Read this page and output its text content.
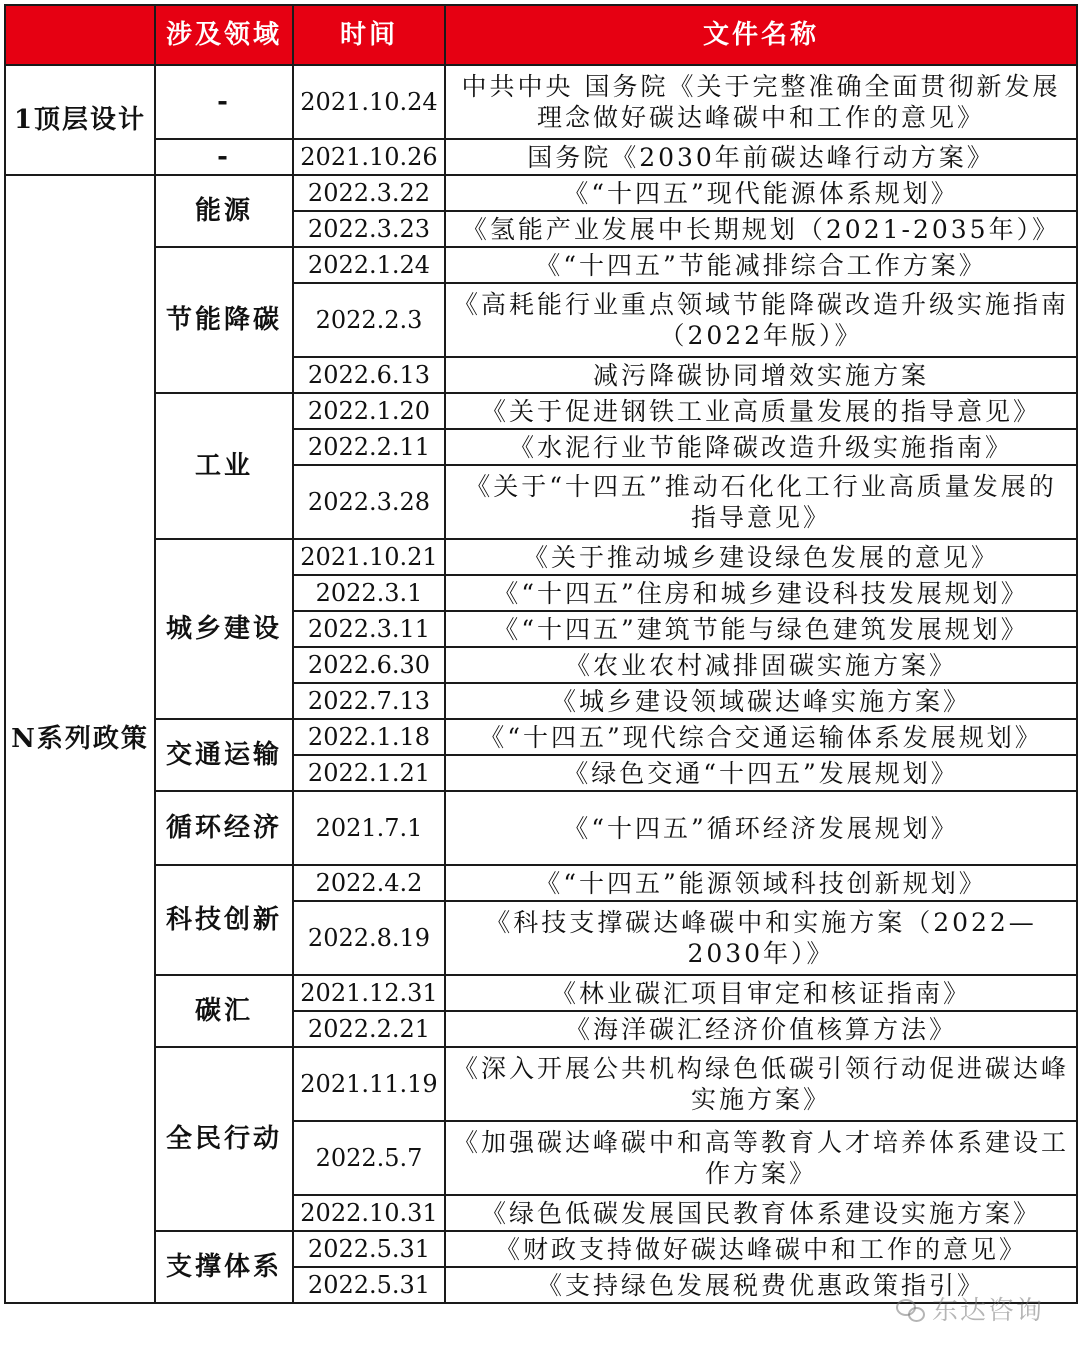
	涉及领域	时间	文件名称
1顶层设计	-	2021.10.24	中共中央 国务院《关于完整准确全面贯彻新发展理念做好碳达峰碳中和工作的意见》
	-	2021.10.26	国务院《2030年前碳达峰行动方案》
N系列政策	能源	2022.3.22	《“十四五”现代能源体系规划》
		2022.3.23	《氢能产业发展中长期规划（2021-2035年）》
	节能降碳	2022.1.24	《“十四五”节能减排综合工作方案》
		2022.2.3	《高耗能行业重点领域节能降碳改造升级实施指南（2022年版）》
		2022.6.13	减污降碳协同增效实施方案
	工业	2022.1.20	《关于促进钢铁工业高质量发展的指导意见》
		2022.2.11	《水泥行业节能降碳改造升级实施指南》
		2022.3.28	《关于“十四五”推动石化化工行业高质量发展的指导意见》
	城乡建设	2021.10.21	《关于推动城乡建设绿色发展的意见》
		2022.3.1	《“十四五”住房和城乡建设科技发展规划》
		2022.3.11	《“十四五”建筑节能与绿色建筑发展规划》
		2022.6.30	《农业农村减排固碳实施方案》
		2022.7.13	《城乡建设领域碳达峰实施方案》
	交通运输	2022.1.18	《“十四五”现代综合交通运输体系发展规划》
		2022.1.21	《绿色交通“十四五”发展规划》
	循环经济	2021.7.1	《“十四五”循环经济发展规划》
	科技创新	2022.4.2	《“十四五”能源领域科技创新规划》
		2022.8.19	《科技支撑碳达峰碳中和实施方案（2022—2030年）》
	碳汇	2021.12.31	《林业碳汇项目审定和核证指南》
		2022.2.21	《海洋碳汇经济价值核算方法》
	全民行动	2021.11.19	《深入开展公共机构绿色低碳引领行动促进碳达峰实施方案》
		2022.5.7	《加强碳达峰碳中和高等教育人才培养体系建设工作方案》
		2022.10.31	《绿色低碳发展国民教育体系建设实施方案》
	支撑体系	2022.5.31	《财政支持做好碳达峰碳中和工作的意见》
		2022.5.31	《支持绿色发展税费优惠政策指引》
东达咨询
